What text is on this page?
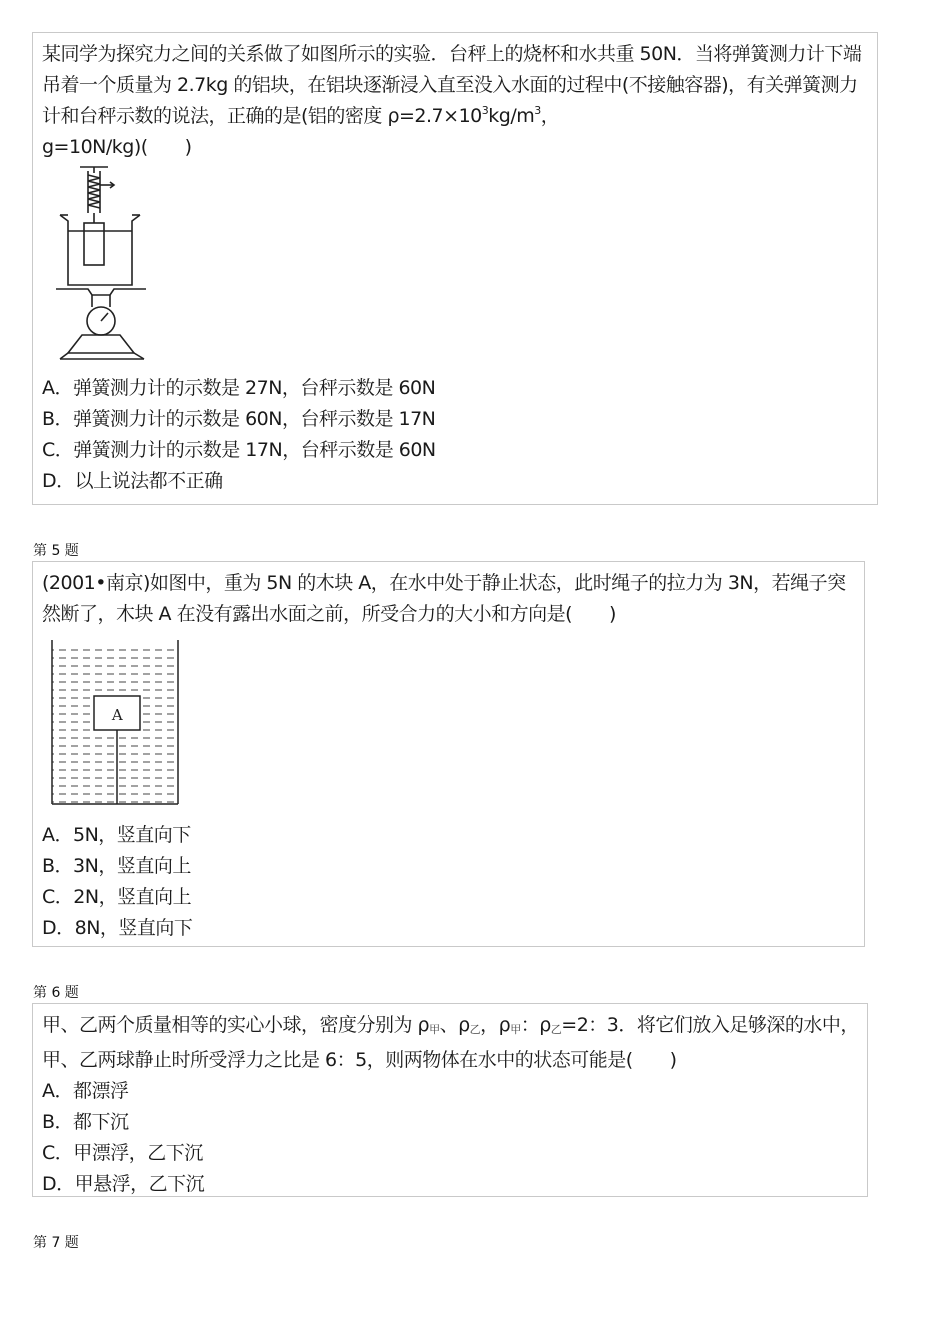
某同学为探究力之间的关系做了如图所示的实验．台秤上的烧杯和水共重 50N．当将弹簧测力计下端吊着一个质量为 2.7kg 的铝块，在铝块逐渐浸入直至没入水面的过程中(不接触容器)，有关弹簧测力计和台秤示数的说法，正确的是(铝的密度 $\rho=2.7\times 10^3kg/m^3$，
g=10N/kg)(　　)

A．弹簧测力计的示数是 27N，台秤示数是 60N

B．弹簧测力计的示数是 60N，台秤示数是 17N

C．弹簧测力计的示数是 17N，台秤示数是 60N

D．以上说法都不正确

第 5 题

(2001•南京)如图中，重为 5N 的木块 A，在水中处于静止状态，此时绳子的拉力为 3N，若绳子突然断了，木块 A 在没有露出水面之前，所受合力的大小和方向是(　　)

A

A．5N，竖直向下

B．3N，竖直向上

C．2N，竖直向上

D．8N，竖直向下

第 6 题

甲、乙两个质量相等的实心小球，密度分别为 ρ甲、ρ乙，ρ甲：ρ乙=2：3．将它们放入足够深的水中，甲、乙两球静止时所受浮力之比是 6：5，则两物体在水中的状态可能是(　　)

A．都漂浮

B．都下沉

C．甲漂浮，乙下沉

D．甲悬浮，乙下沉

第 7 题
